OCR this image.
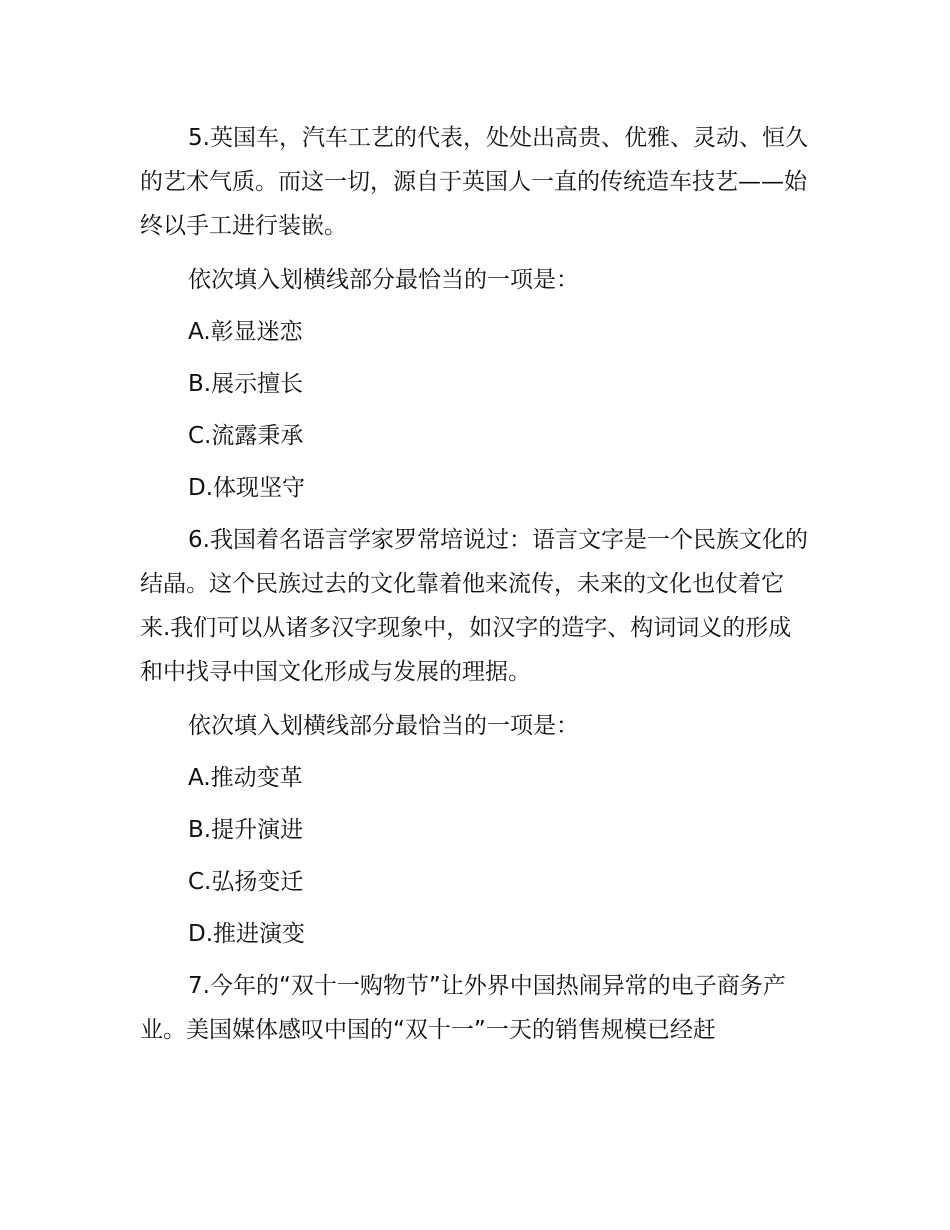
5.英国车，汽车工艺的代表，处处出高贵、优雅、灵动、恒久的艺术气质。而这一切，源自于英国人一直的传统造车技艺——始终以手工进行装嵌。

依次填入划横线部分最恰当的一项是：

A.彰显迷恋

B.展示擅长

C.流露秉承

D.体现坚守

6.我国着名语言学家罗常培说过：语言文字是一个民族文化的结晶。这个民族过去的文化靠着他来流传，未来的文化也仗着它来.我们可以从诸多汉字现象中，如汉字的造字、构词词义的形成和中找寻中国文化形成与发展的理据。

依次填入划横线部分最恰当的一项是：

A.推动变革

B.提升演进

C.弘扬变迁

D.推进演变

7.今年的“双十一购物节”让外界中国热闹异常的电子商务产业。美国媒体感叹中国的“双十一”一天的销售规模已经赶
